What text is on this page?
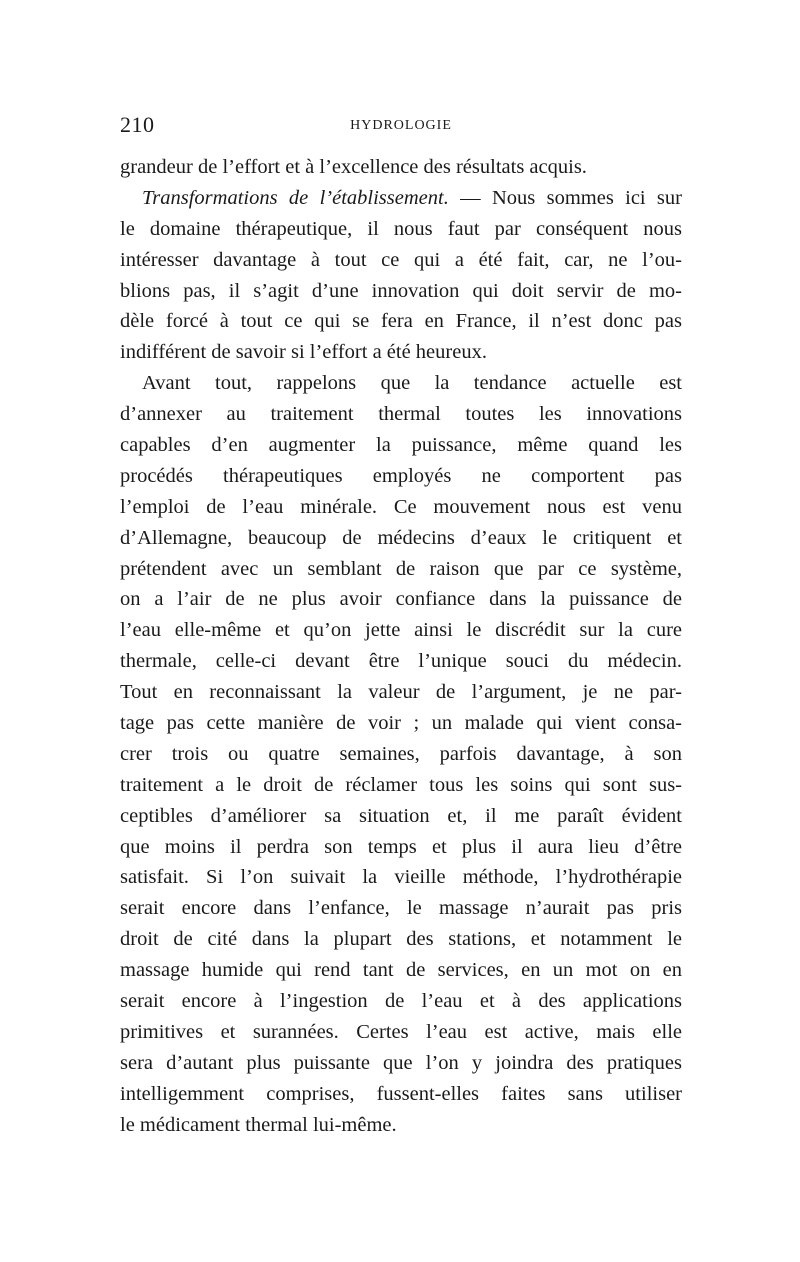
210	HYDROLOGIE
grandeur de l’effort et à l’excellence des résultats acquis.
Transformations de l’établissement. — Nous sommes ici sur
le domaine thérapeutique, il nous faut par conséquent nous
intéresser davantage à tout ce qui a été fait, car, ne l’ou-
blions pas, il s’agit d’une innovation qui doit servir de mo-
dèle forcé à tout ce qui se fera en France, il n’est donc pas
indifférent de savoir si l’effort a été heureux.
Avant tout, rappelons que la tendance actuelle est
d’annexer au traitement thermal toutes les innovations
capables d’en augmenter la puissance, même quand les
procédés thérapeutiques employés ne comportent pas
l’emploi de l’eau minérale. Ce mouvement nous est venu
d’Allemagne, beaucoup de médecins d’eaux le critiquent et
prétendent avec un semblant de raison que par ce système,
on a l’air de ne plus avoir confiance dans la puissance de
l’eau elle-même et qu’on jette ainsi le discrédit sur la cure
thermale, celle-ci devant être l’unique souci du médecin.
Tout en reconnaissant la valeur de l’argument, je ne par-
tage pas cette manière de voir ; un malade qui vient consa-
crer trois ou quatre semaines, parfois davantage, à son
traitement a le droit de réclamer tous les soins qui sont sus-
ceptibles d’améliorer sa situation et, il me paraît évident
que moins il perdra son temps et plus il aura lieu d’être
satisfait. Si l’on suivait la vieille méthode, l’hydrothérapie
serait encore dans l’enfance, le massage n’aurait pas pris
droit de cité dans la plupart des stations, et notamment le
massage humide qui rend tant de services, en un mot on en
serait encore à l’ingestion de l’eau et à des applications
primitives et surannées. Certes l’eau est active, mais elle
sera d’autant plus puissante que l’on y joindra des pratiques
intelligemment comprises, fussent-elles faites sans utiliser
le médicament thermal lui-même.
